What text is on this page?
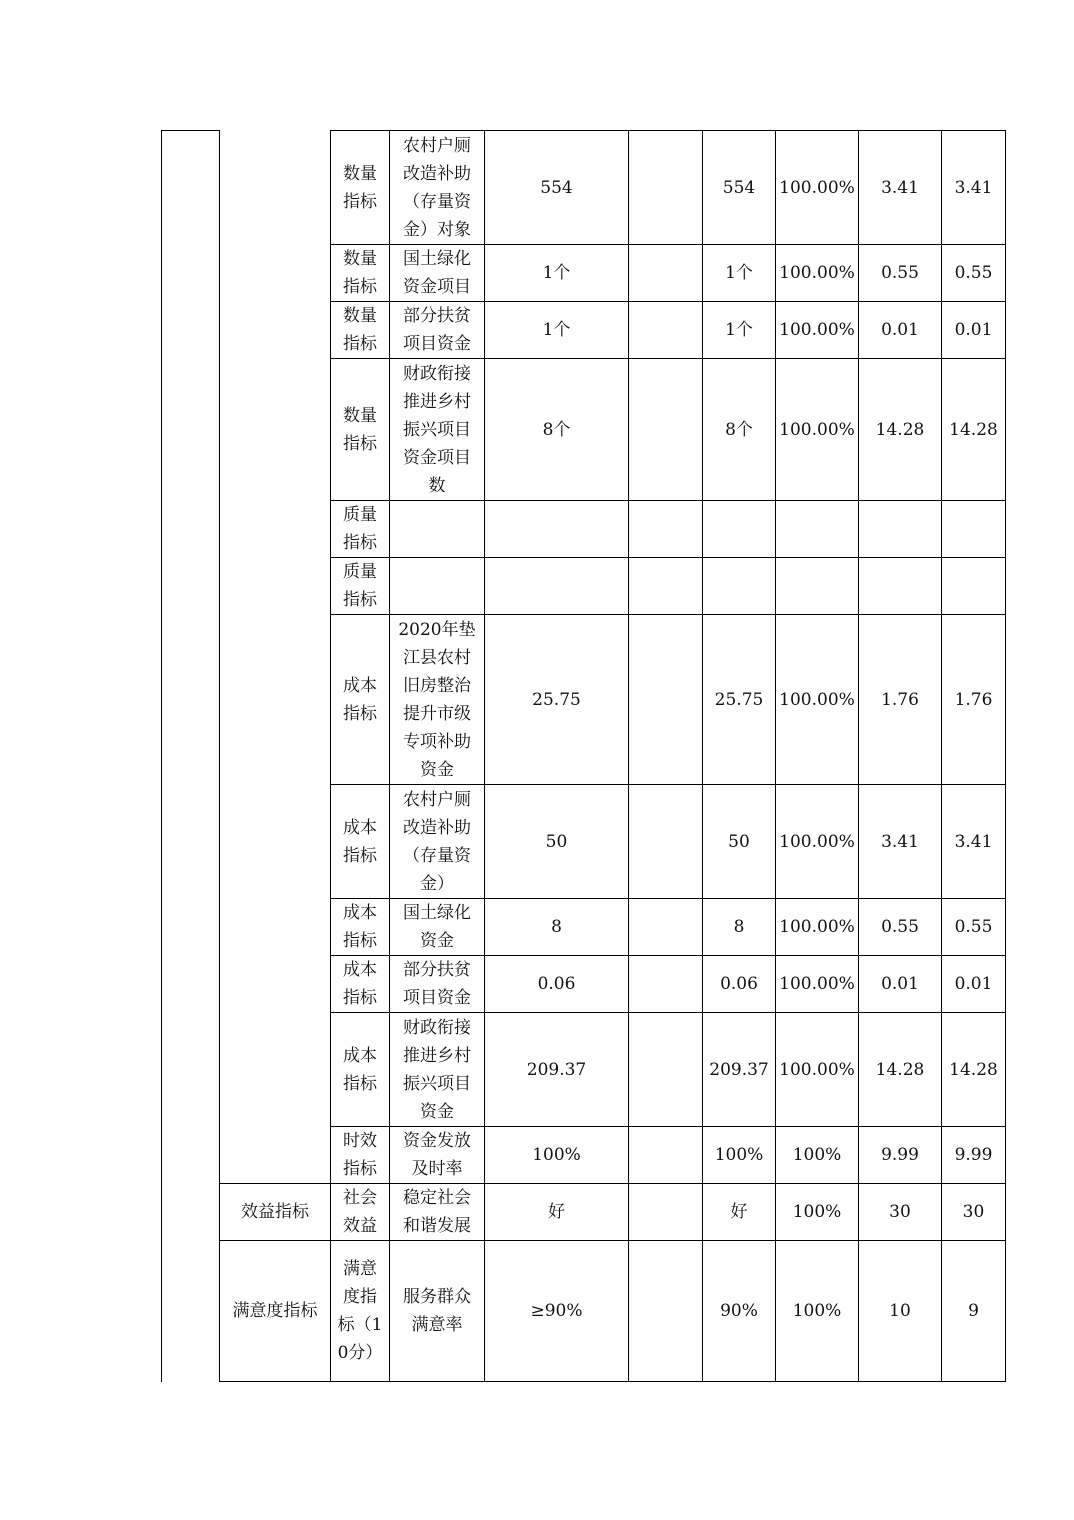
数量指标
农村户厕改造补助（存量资金）对象
554	554	100.00%	3.41	3.41
数量指标
国土绿化资金项目
1个	1个	100.00%	0.55	0.55
数量指标
部分扶贫项目资金
1个	1个	100.00%	0.01	0.01
数量指标
财政衔接推进乡村振兴项目资金项目数
8个	8个	100.00%	14.28	14.28
质量指标
质量指标
成本指标
2020年垫江县农村旧房整治提升市级专项补助资金
25.75	25.75 100.00%	1.76	1.76
成本指标
农村户厕改造补助（存量资金）
50	50	100.00%	3.41	3.41
成本指标
国土绿化资金
8	8	100.00%	0.55	0.55
成本指标
部分扶贫项目资金
0.06	0.06	100.00%	0.01	0.01
成本指标
财政衔接推进乡村振兴项目资金
209.37	209.37 100.00%	14.28	14.28
时效指标
资金发放及时率
100%	100%	100%	9.99	9.99
效益指标
社会效益
稳定社会和谐发展
好	好	100%	30	30
满意度指标
满意度指标（10分）
服务群众满意率
≥90%	90%	100%	10	9
